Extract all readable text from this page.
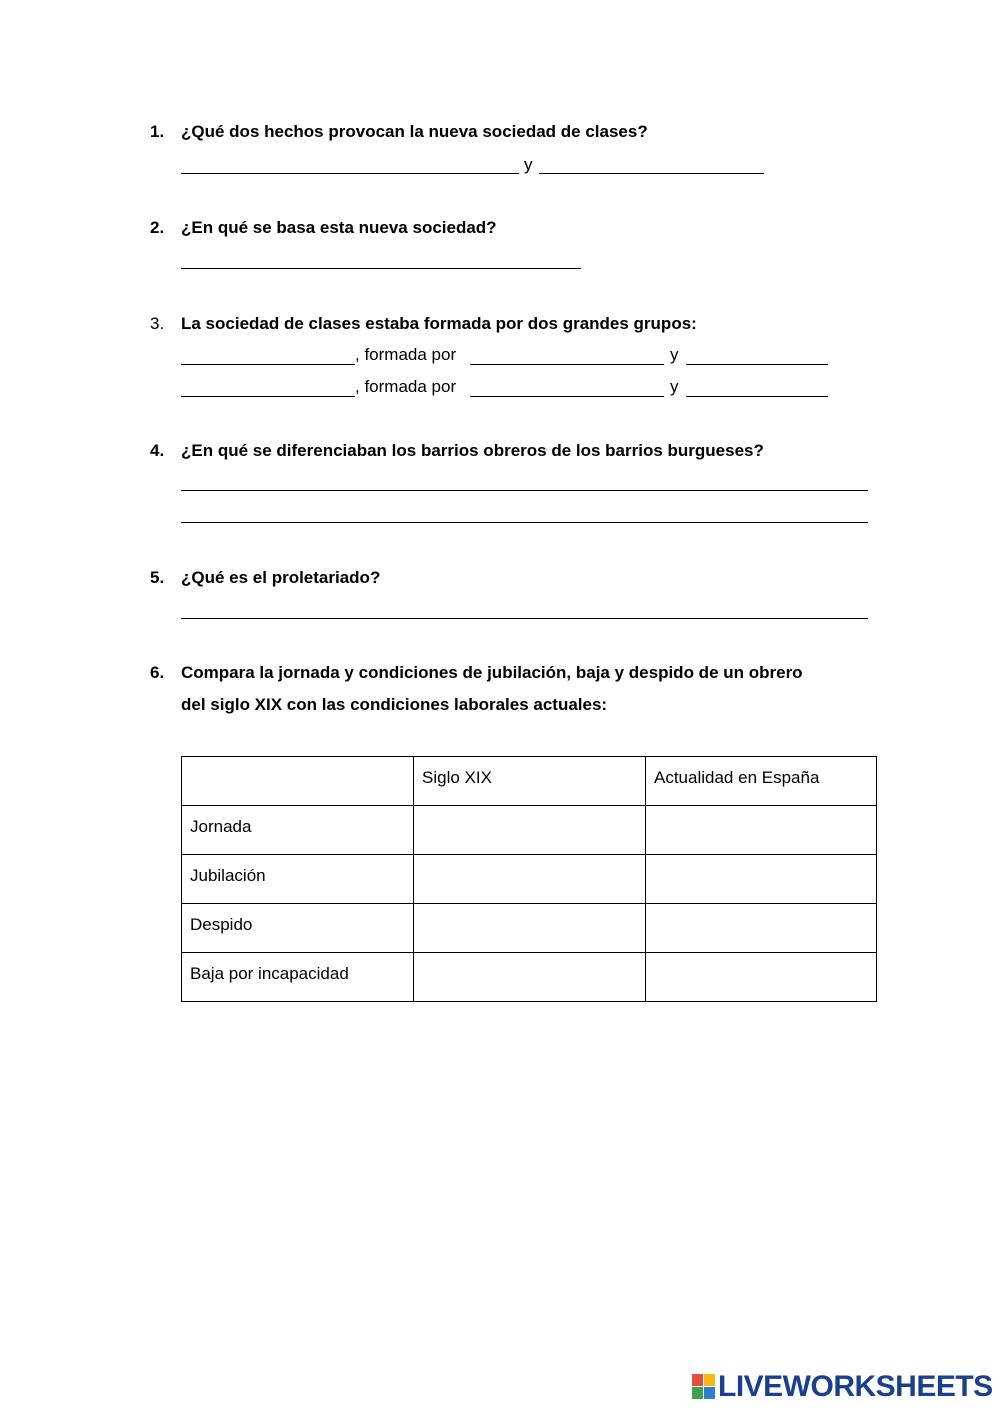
1. ¿Qué dos hechos provocan la nueva sociedad de clases?
y
2. ¿En qué se basa esta nueva sociedad?
3. La sociedad de clases estaba formada por dos grandes grupos:
, formada por	y
, formada por	y
4. ¿En qué se diferenciaban los barrios obreros de los barrios burgueses?
5. ¿Qué es el proletariado?
6. Compara la jornada y condiciones de jubilación, baja y despido de un obrero
del siglo XIX con las condiciones laborales actuales:

	Siglo XIX	Actualidad en España

Jornada		

Jubilación		

Despido		

Baja por incapacidad		

LIVEWORKSHEETS
